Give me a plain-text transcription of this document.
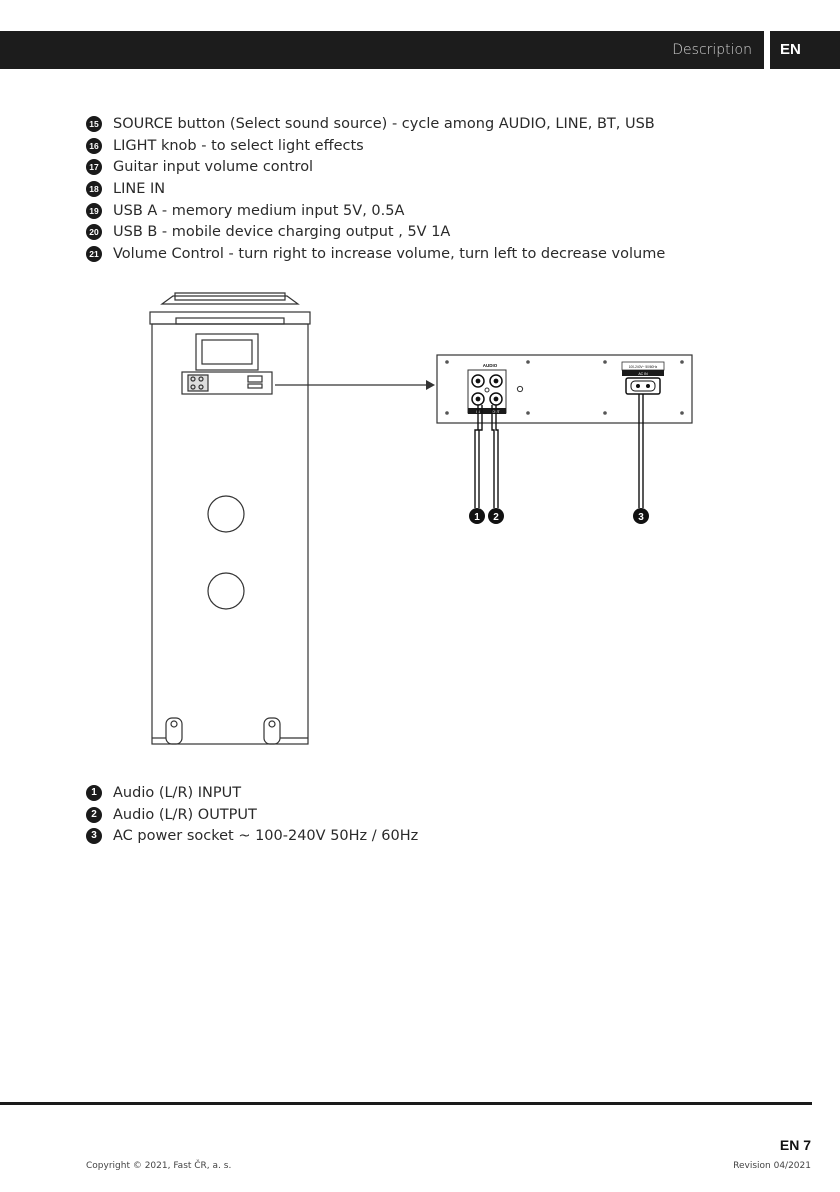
Description	EN
15 SOURCE button (Select sound source) - cycle among AUDIO, LINE, BT, USB
16 LIGHT knob - to select light effects
17 Guitar input volume control
18 LINE IN
19 USB A - memory medium input 5V, 0.5A
20 USB B - mobile device charging output , 5V 1A
21 Volume Control - turn right to increase volume, turn left to decrease volume
AUDIO
IN	OUT
100-240V~ 50/60Hz
AC IN
1 2	3
1	Audio (L/R) INPUT
2	Audio (L/R) OUTPUT
3	AC power socket ~ 100-240V 50Hz / 60Hz
EN 7
Copyright © 2021, Fast ČR, a. s.	Revision 04/2021
